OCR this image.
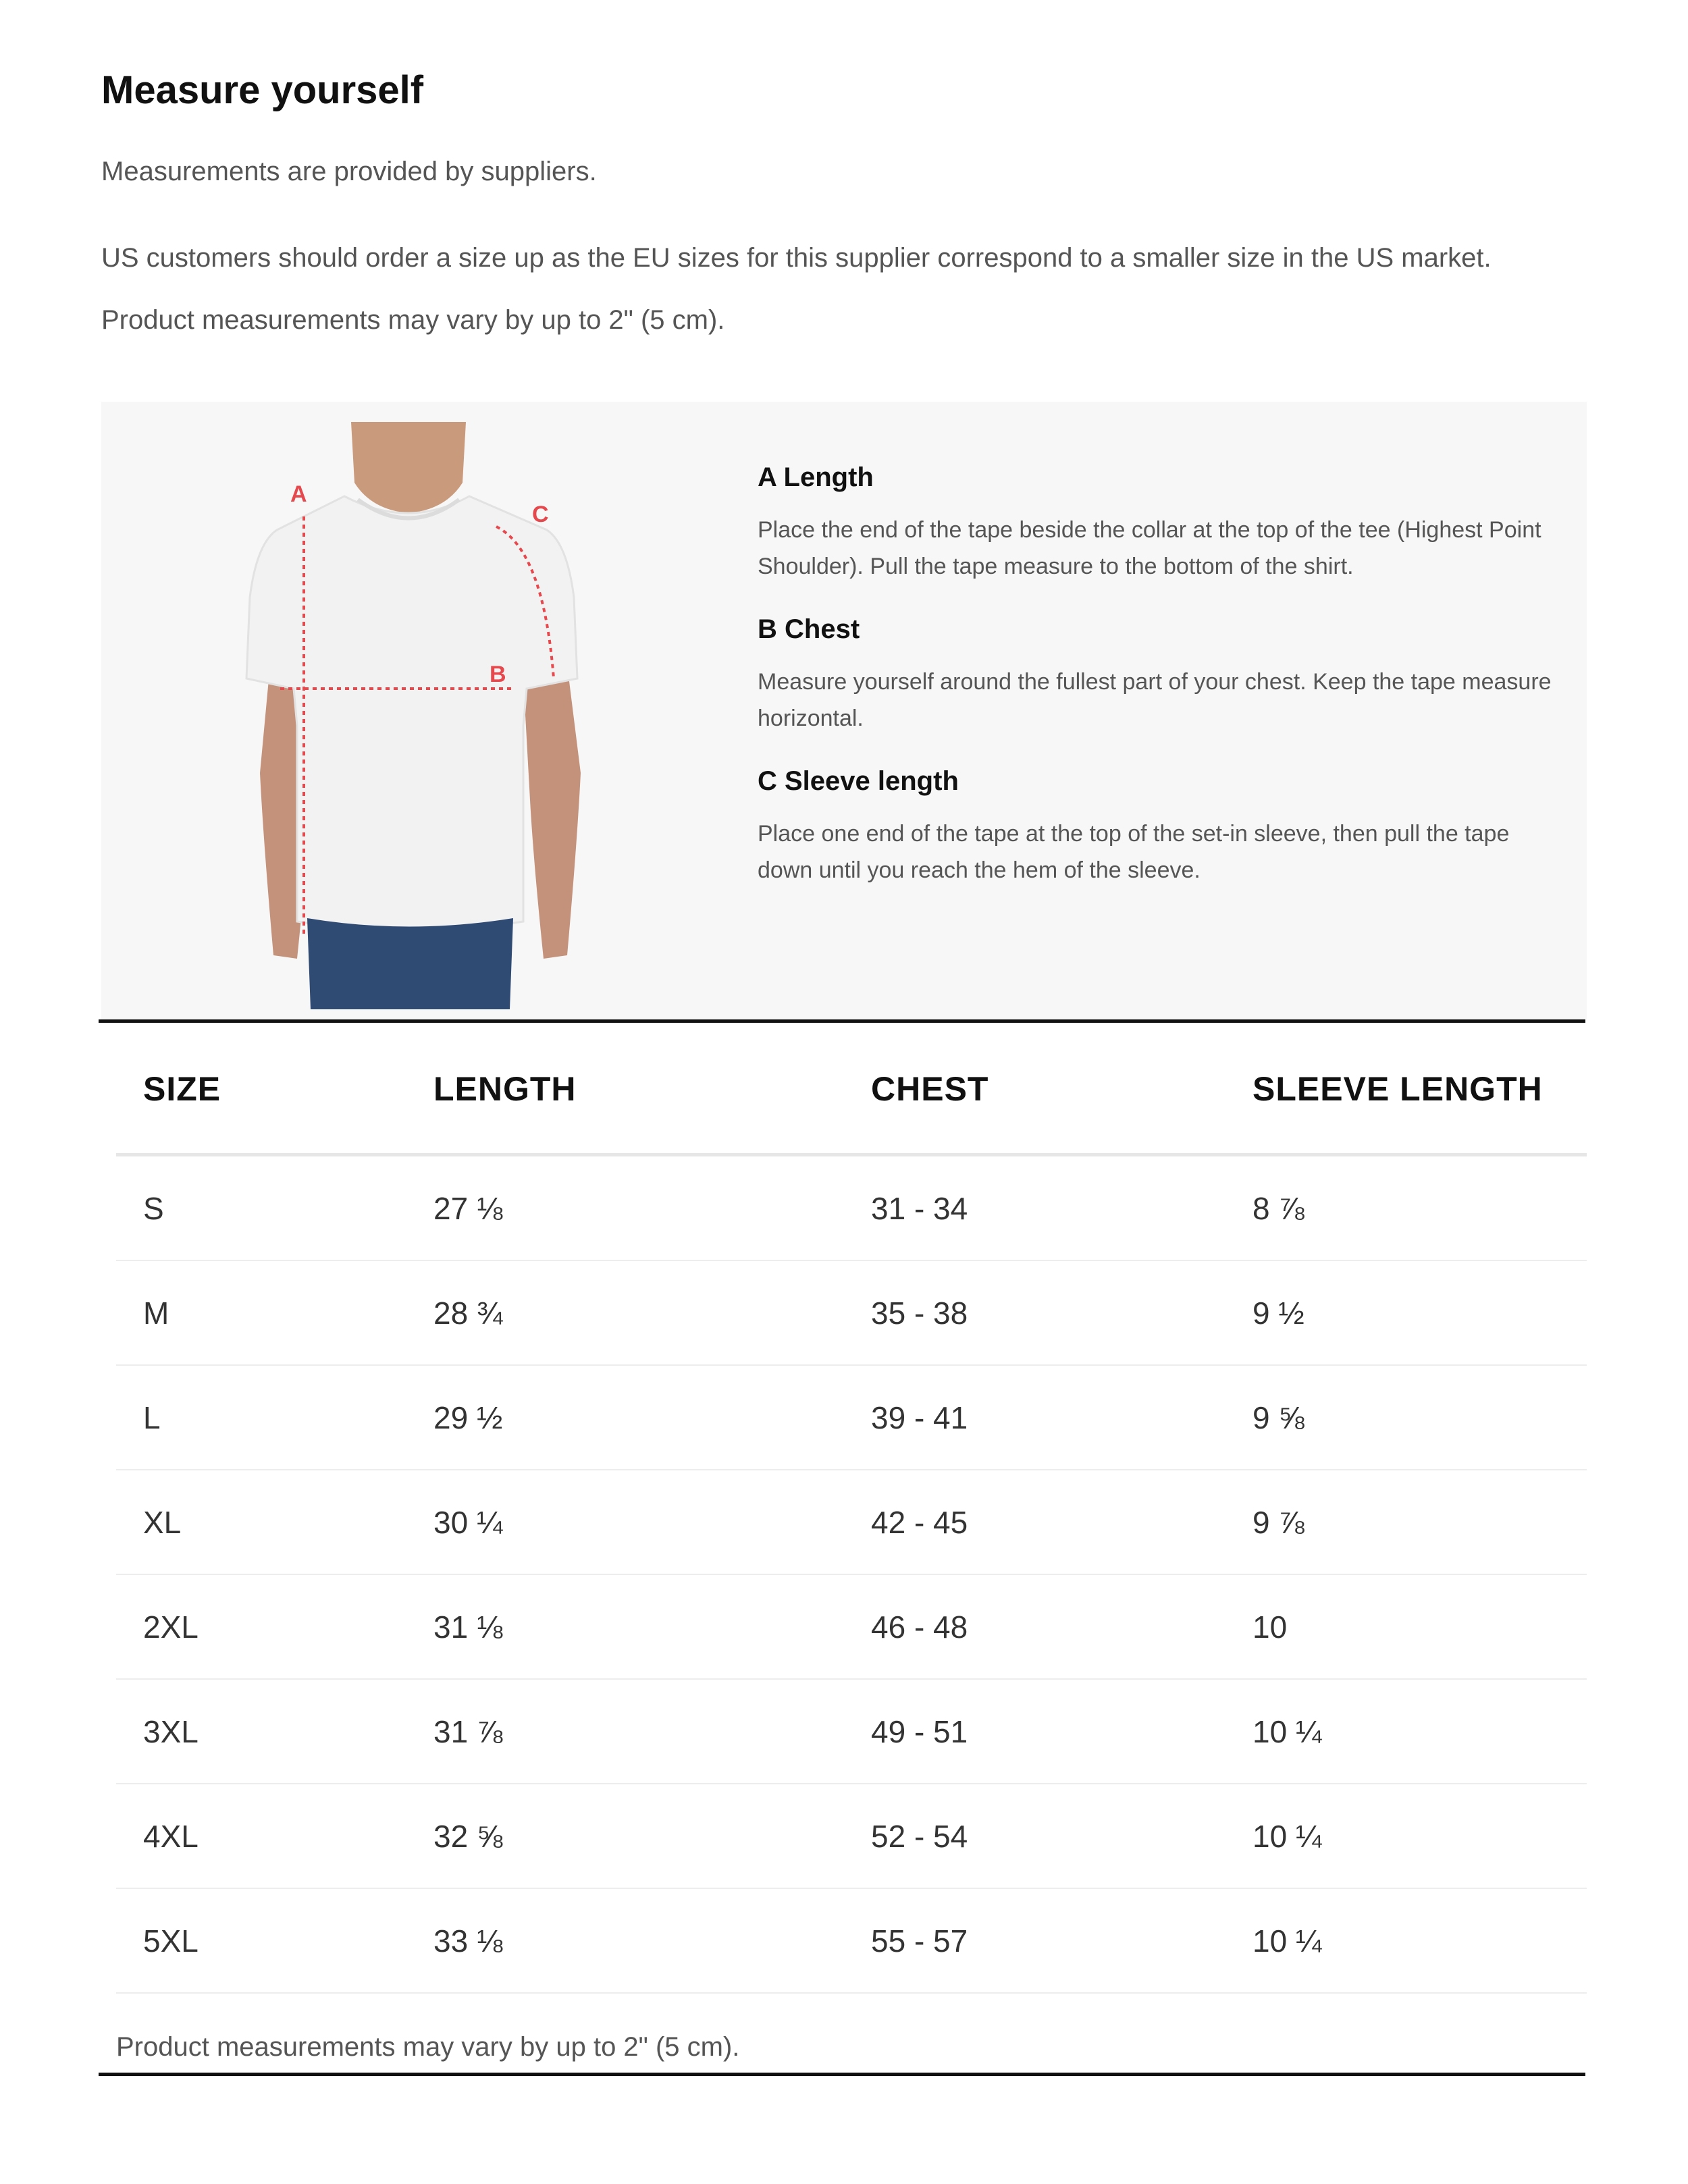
Measure yourself

Measurements are provided by suppliers.

US customers should order a size up as the EU sizes for this supplier correspond to a smaller size in the US market.

Product measurements may vary by up to 2" (5 cm).

A
B
C

A Length

Place the end of the tape beside the collar at the top of the tee (Highest Point Shoulder). Pull the tape measure to the bottom of the shirt.

B Chest

Measure yourself around the fullest part of your chest. Keep the tape measure horizontal.

C Sleeve length

Place one end of the tape at the top of the set-in sleeve, then pull the tape down until you reach the hem of the sleeve.

SIZE	LENGTH	CHEST	SLEEVE LENGTH
S	27 ⅛	31 - 34	8 ⅞
M	28 ¾	35 - 38	9 ½
L	29 ½	39 - 41	9 ⅝
XL	30 ¼	42 - 45	9 ⅞
2XL	31 ⅛	46 - 48	10
3XL	31 ⅞	49 - 51	10 ¼
4XL	32 ⅝	52 - 54	10 ¼
5XL	33 ⅛	55 - 57	10 ¼

Product measurements may vary by up to 2" (5 cm).
